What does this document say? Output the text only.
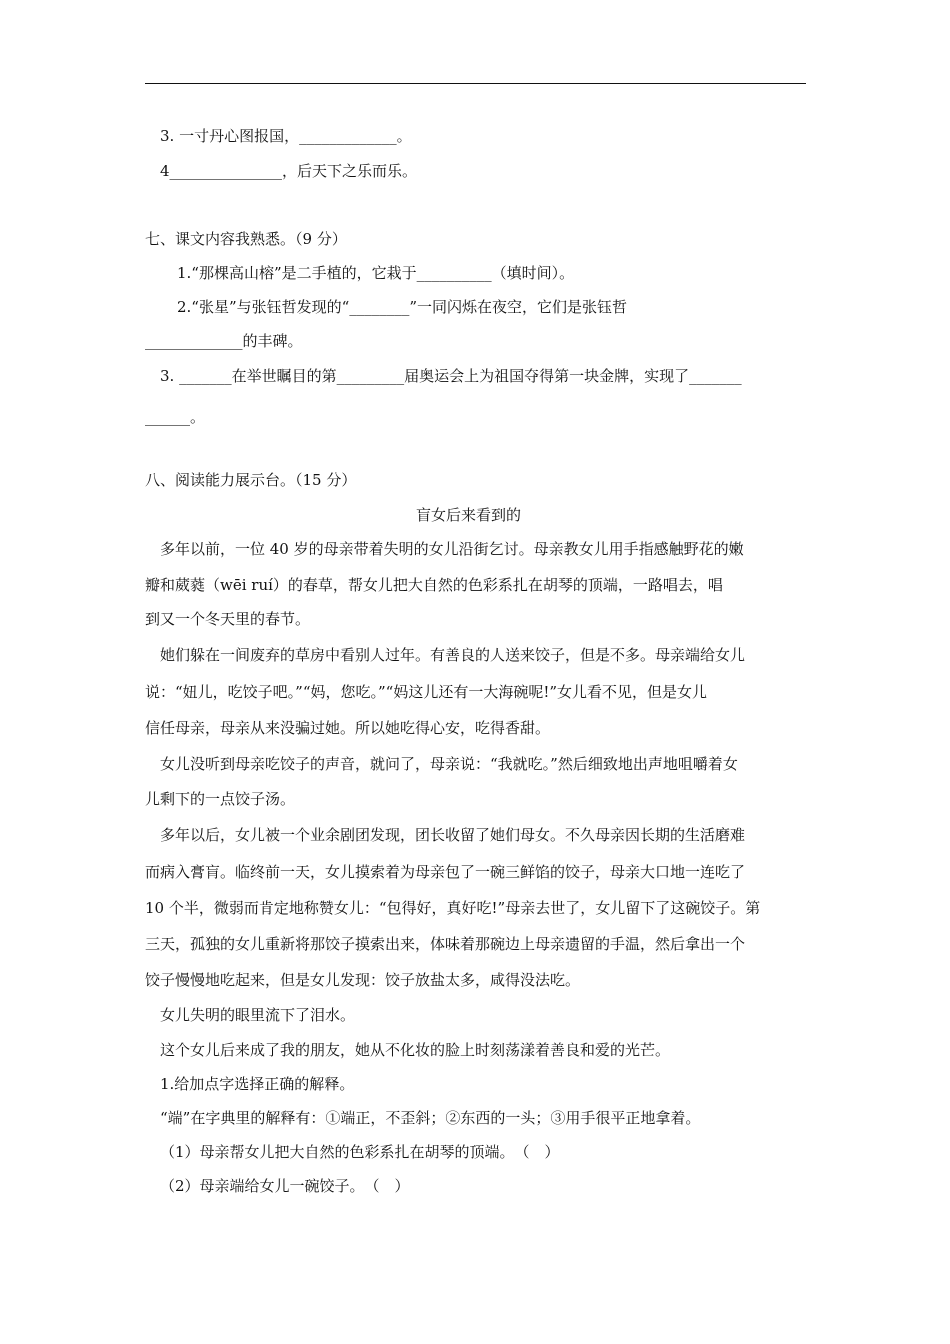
3. 一寸丹心图报国，_____________。
4_______________，后天下之乐而乐。
七、课文内容我熟悉。（9 分）
1.“那棵高山榕”是二手植的，它栽于__________（填时间）。
2.“张星”与张钰哲发现的“________”一同闪烁在夜空，它们是张钰哲
_____________的丰碑。
3. _______在举世瞩目的第_________届奥运会上为祖国夺得第一块金牌，实现了_______
______。
八、阅读能力展示台。（15 分）
盲女后来看到的
多年以前，一位 40 岁的母亲带着失明的女儿沿街乞讨。母亲教女儿用手指感触野花的嫩
瓣和葳蕤（wēi ruí）的春草，帮女儿把大自然的色彩系扎在胡琴的顶端，一路唱去，唱
到又一个冬天里的春节。
她们躲在一间废弃的草房中看别人过年。有善良的人送来饺子，但是不多。母亲端给女儿
说：“妞儿，吃饺子吧。”“妈，您吃。”“妈这儿还有一大海碗呢!”女儿看不见，但是女儿
信任母亲，母亲从来没骗过她。所以她吃得心安，吃得香甜。
女儿没听到母亲吃饺子的声音，就问了，母亲说：“我就吃。”然后细致地出声地咀嚼着女
儿剩下的一点饺子汤。
多年以后，女儿被一个业余剧团发现，团长收留了她们母女。不久母亲因长期的生活磨难
而病入膏肓。临终前一天，女儿摸索着为母亲包了一碗三鲜馅的饺子，母亲大口地一连吃了
10 个半，微弱而肯定地称赞女儿：“包得好，真好吃!”母亲去世了，女儿留下了这碗饺子。第
三天，孤独的女儿重新将那饺子摸索出来，体味着那碗边上母亲遗留的手温，然后拿出一个
饺子慢慢地吃起来，但是女儿发现：饺子放盐太多，咸得没法吃。
女儿失明的眼里流下了泪水。
这个女儿后来成了我的朋友，她从不化妆的脸上时刻荡漾着善良和爱的光芒。
1.给加点字选择正确的解释。
“端”在字典里的解释有：①端正，不歪斜；②东西的一头；③用手很平正地拿着。
（1）母亲帮女儿把大自然的色彩系扎在胡琴的顶端。　（　）
（2）母亲端给女儿一碗饺子。　（　）
